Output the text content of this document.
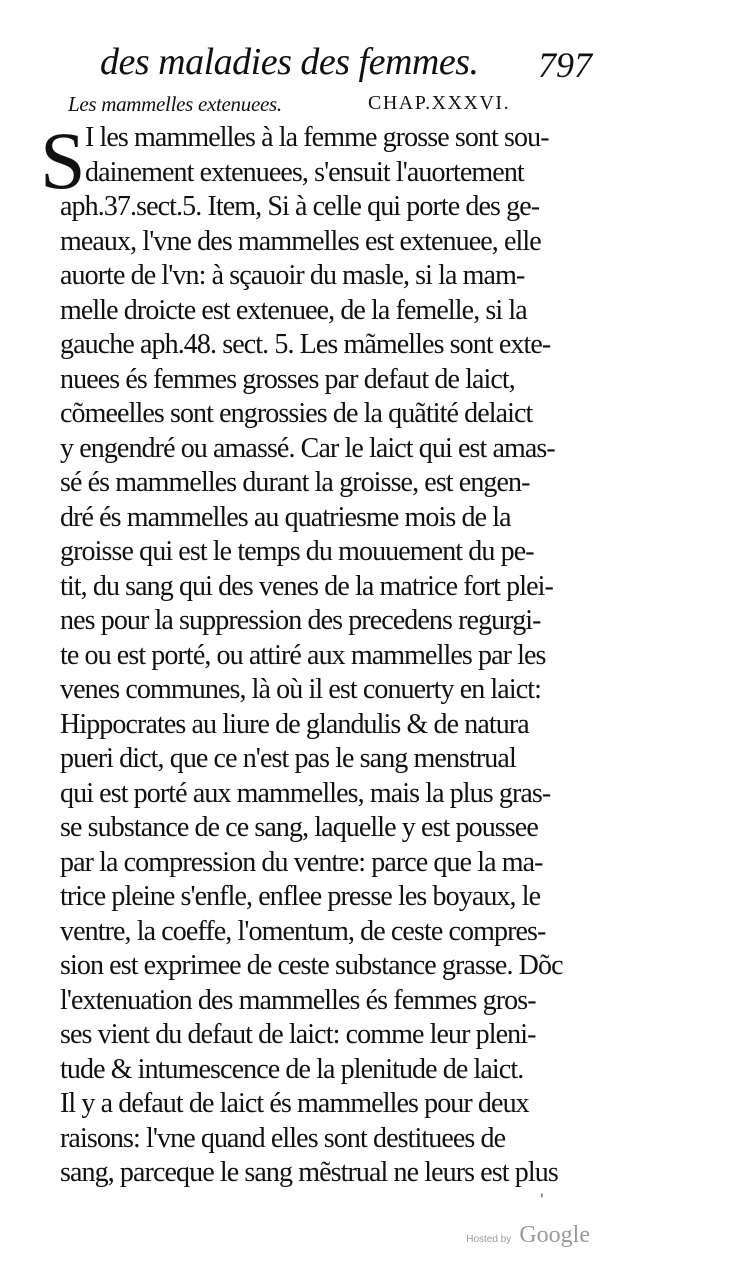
des maladies des femmes. 797
Les mammelles extenuees.	CHAP.XXXVI.
S I les mammelles à la femme grosse sont sou-
dainement extenuees, s'ensuit l'auortement
aph.37.sect.5. Item, Si à celle qui porte des ge-
meaux, l'vne des mammelles est extenuee, elle
auorte de l'vn: à sçauoir du masle, si la mam-
melle droicte est extenuee, de la femelle, si la
gauche aph.48. sect. 5. Les mãmelles sont exte-
nuees és femmes grosses par defaut de laict,
cõmeelles sont engrossies de la quãtité delaict
y engendré ou amassé. Car le laict qui est amas-
sé és mammelles durant la groisse, est engen-
dré és mammelles au quatriesme mois de la
groisse qui est le temps du mouuement du pe-
tit, du sang qui des venes de la matrice fort plei-
nes pour la suppression des precedens regurgi-
te ou est porté, ou attiré aux mammelles par les
venes communes, là où il est conuerty en laict:
Hippocrates au liure de glandulis & de natura
pueri dict, que ce n'est pas le sang menstrual
qui est porté aux mammelles, mais la plus gras-
se substance de ce sang, laquelle y est poussee
par la compression du ventre: parce que la ma-
trice pleine s'enfle, enflee presse les boyaux, le
ventre, la coeffe, l'omentum, de ceste compres-
sion est exprimee de ceste substance grasse. Dõc
l'extenuation des mammelles és femmes gros-
ses vient du defaut de laict: comme leur pleni-
tude & intumescence de la plenitude de laict.
Il y a defaut de laict és mammelles pour deux
raisons: l'vne quand elles sont destituees de
sang, parceque le sang mẽstrual ne leurs est plus
'
Hosted by Google
